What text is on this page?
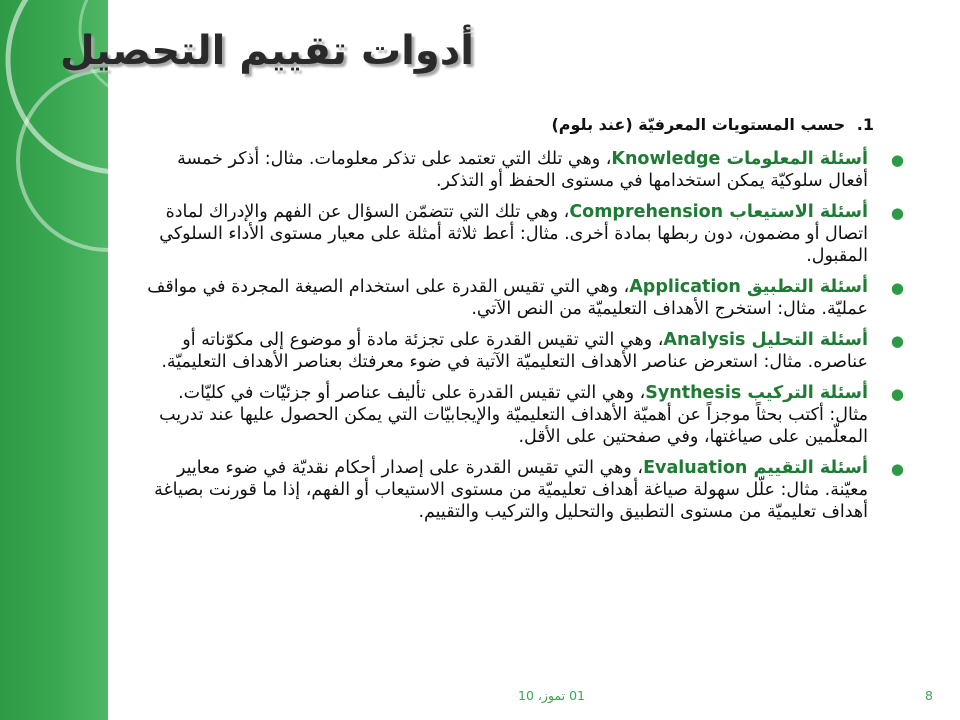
أدوات تقييم التحصيل
1. حسب المستويات المعرفيّة (عند بلوم)
●
أسئلة المعلومات Knowledge، وهي تلك التي تعتمد على تذكر معلومات. مثال: أذكر خمسة أفعال سلوكيّة يمكن استخدامها في مستوى الحفظ أو التذكر.
●
أسئلة الاستيعاب Comprehension، وهي تلك التي تتضمّن السؤال عن الفهم والإدراك لمادة اتصال أو مضمون، دون ربطها بمادة أخرى. مثال: أعط ثلاثة أمثلة على معيار مستوى الأداء السلوكي المقبول.
●
أسئلة التطبيق Application، وهي التي تقيس القدرة على استخدام الصيغة المجردة في مواقف عمليّة. مثال: استخرج الأهداف التعليميّة من النص الآتي.
●
أسئلة التحليل Analysis، وهي التي تقيس القدرة على تجزئة مادة أو موضوع إلى مكوّناته أو عناصره. مثال: استعرض عناصر الأهداف التعليميّة الآتية في ضوء معرفتك بعناصر الأهداف التعليميّة.
●
أسئلة التركيب Synthesis، وهي التي تقيس القدرة على تأليف عناصر أو جزئيّات في كليّات. مثال: أكتب بحثاً موجزاً عن أهميّة الأهداف التعليميّة والإيجابيّات التي يمكن الحصول عليها عند تدريب المعلّمين على صياغتها، وفي صفحتين على الأقل.
●
أسئلة التقييم Evaluation، وهي التي تقيس القدرة على إصدار أحكام نقديّة في ضوء معايير معيّنة. مثال: علّل سهولة صياغة أهداف تعليميّة من مستوى الاستيعاب أو الفهم، إذا ما قورنت بصياغة أهداف تعليميّة من مستوى التطبيق والتحليل والتركيب والتقييم.
01 تموز، 10	8
